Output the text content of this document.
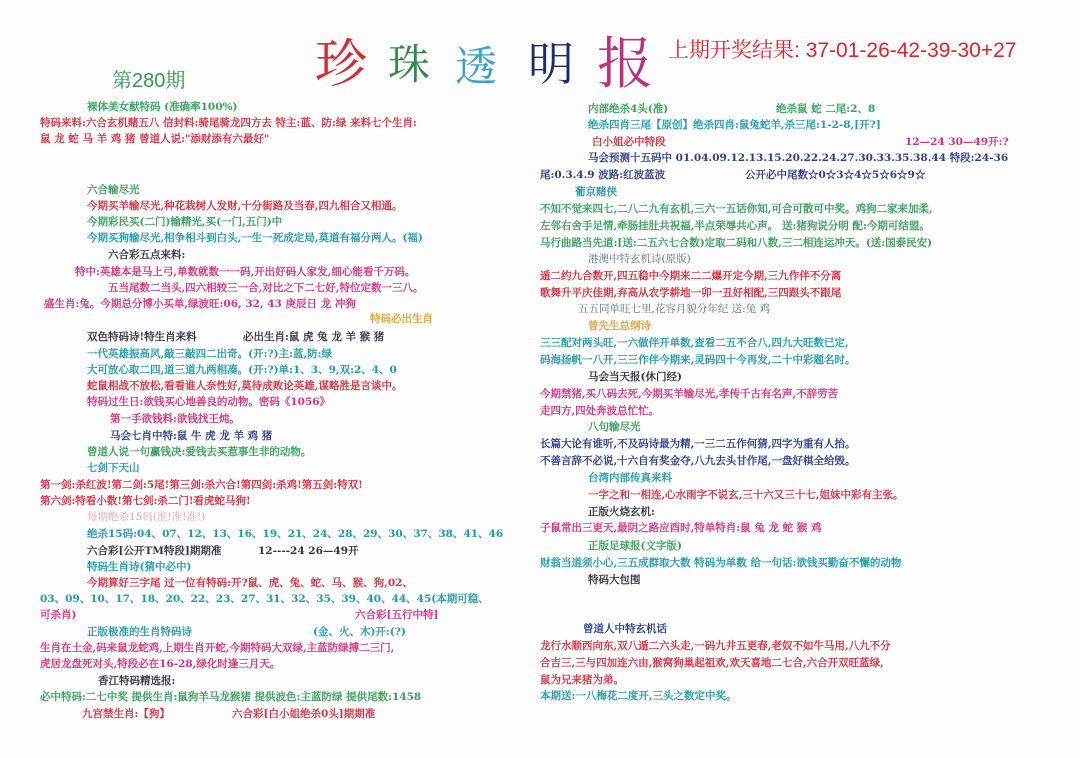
珍 珠 透 明 报 上期开奖结果: 37-01-26-42-39-30+27
第280期
裸体美女献特码 (准确率100%)
特码来料:六合玄机赌五八 信封料:骑尾骑龙四方去 特主:蓝、防:绿 来料七个生肖:
鼠 龙 蛇 马 羊 鸡 猪 曾道人说:"添财添有六最好"
六合输尽光
今期买羊输尽光,种花栽树人发财,十分街路及当春,四九相合又相通。
今期彩民买(二门)输精光,买(一门,五门)中
今期买狗输尽光,相争相斗到白头,一生一死成定局,莫道有福分两人。(福)
六合彩五点来料:
特中:英雄本是马上弓,单数就数一一码,开出好码人家发,细心能看千万码。
五当尾数二当头,四六相较三一合,对比之下二七好,特位定数一三八。
盛生肖:兔。今期总分博小买单,绿波旺:06, 32, 43 庚辰日 龙 冲狗
特码必出生肖
双色特码诗!特生肖来料	必出生肖:鼠 虎 兔 龙 羊 猴 猪
一代英雄振高风,敲三敲四二出奇。(开:?)主:蓝,防:绿
大可放心取二四,道三道九两相凑。(开:?)单:1、3、9,双:2、4、0
蛇鼠相战不放松,看看谁人奈性好,莫待成败论英雄,谋略胜是言谈中。
特码过生日:欲钱买心地善良的动物。密码《1056》
第一手欲钱料:欲钱找王炖。
马会七肖中特:鼠 牛 虎 龙 羊 鸡 猪
曾道人说一句赢钱决:爱钱去买惹事生非的动物。
七剑下天山
第一剑:杀红波!第二剑:5尾!第三剑:杀六合!第四剑:杀鸡!第五剑:特双!
第六剑:特看小数!第七剑:杀二门!看虎蛇马狗!
每期绝杀15码(准!准!准!)
绝杀15码:04、07、12、13、16、19、21、24、28、29、30、37、38、41、46
六合彩[公开TM特段]期期准	12----24 26—49开
特码生肖诗(猜中必中)
今期算好三字尾 过一位有特码:开?鼠、虎、兔、蛇、马、猴、狗,02、
03、09、10、17、18、20、22、23、27、31、32、35、39、40、44、45(本期可稳、
可杀肖)	六合彩[五行中特]
正版极准的生肖特码诗	(金、火、木)开:(?)
生肖在土金,码来鼠龙蛇鸡,上期生肖开蛇,今期特码大双绿,主蓝防绿搏二三门,
虎居龙盘死对头,特段必在16-28,绿化时逢三月天。
香江特码精选报:
必中特码:二七中奖 提供生肖:鼠狗羊马龙猴猪 提供波色:主蓝防绿 提供尾数:1458
九宫禁生肖:【狗】	六合彩[白小姐绝杀0头]期期准
内部绝杀4头(准)	绝杀鼠 蛇 二尾:2、8
绝杀四肖三尾【原创】绝杀四肖:鼠兔蛇羊,杀三尾:1-2-8,[开?]
白小姐必中特段	12—24 30—49开:?
马会预测十五码中 01.04.09.12.13.15.20.22.24.27.30.33.35.38.44 特段:24-36
尾:0.3.4.9 波路:红波蓝波	公开必中尾数☆0☆3☆4☆5☆6☆9☆
葡京赌侠
不知不觉来四七,二八二九有玄机,三六一五话你知,可合可散可中奖。鸡狗二家来加柔,
左邻右舍手足情,牵肠挂肚共祝福,半点荣辱共心声。 送:猪狗说分明 配:今期可结盟。
马行曲路当先道:[送:二五六七合数)定取二码和八数,三二相连运冲天。(送:国泰民安)
港澳中特玄机诗(原版)
遁二约九合数开,四五稳中今期来二二爆开定今期,三九作伴不分离
歌舞升平庆佳期,弃高从农学耕地一卯一丑好相配,三四跟头不跟尾
五五同单旺七里,花容月貌分年纪 送:兔 鸡
曾先生总纲诗
三三配对两头旺,一六做伴开单数,查看二五不合八,四九大旺数已定,
码海扬帆一八开,三三作伴今期来,灵码四十今再发,二十中彩题名时。
马会当天报(休门经)
今期禁猪,买八码去死,今期买羊输尽光,孝传千古有名声,不辞劳苦
走四方,四处奔波总忙忙。
八句输尽光
长篇大论有谁听,不及码诗最为精,一三二五作何猜,四字为重有人抬。
不善言辞不必说,十六自有奖金夺,八九去头甘作尾,一盘好棋全给毁。
台湾内部传真来料
一字之和一相连,心水雨字不说玄,三十六又三十七,姐妹中彩有主张。
正版火烧玄机:
子鼠常出三更天,最阴之路应酉时,特单特肖:鼠 兔 龙 蛇 猴 鸡
正版足球报(文字版)
财翁当道须小心,三五成群取大数 特码为单数 给一句话:欲钱买勤奋不懈的动物
特码大包围
曾道人中特玄机话
龙行水顺西向东,双八遁二六头走,一码九井五更春,老奴不如牛马用,八九不分
合吉三,三与四加连六由,猴窝狗巢起祖欢,欢天喜地二七合,六合开双旺蓝绿,
鼠为兄来猪为弟。
本期送:一八梅花二度开,三头之数定中奖。
